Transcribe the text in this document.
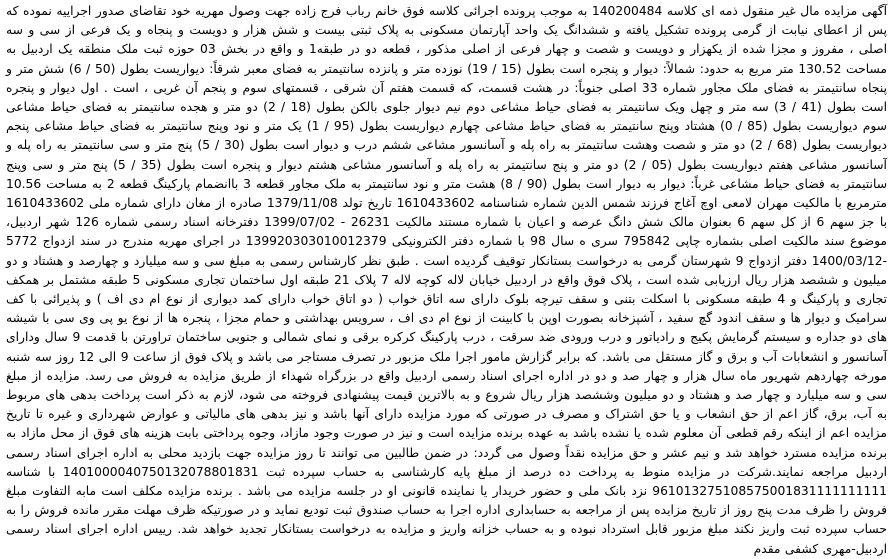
آگهی مزایده مال غیر منقول ذمه ای کلاسه 140200484 به موجب پرونده اجرائی کلاسه فوق خانم رباب فرج زاده جهت وصول مهریه خود تقاضای صدور اجراییه نموده که پس از اعطای نیابت از گرمی پرونده تشکیل یافته و ششدانگ یک واحد آپارتمان مسکونی به پلاک ثبتی بیست و شش هزار و دویست و پنجاه و یک فرعی از سی و سه اصلی ، مفروز و مجزا شده از یکهزار و دویست و شصت و چهار فرعی از اصلی مذکور ، قطعه دو در طبقه1 و واقع در بخش 03 حوزه ثبت ملک منطقه یک اردبیل به مساحت 130.52 متر مربع به حدود: شمالاً: دیوار و پنجره است بطول (15 / 19) نوزده متر و پانزده سانتیمتر به فضای معبر شرقاً: دیواریست بطول (50 / 6) شش متر و پنجاه سانتیمتر به فضای ملک مجاور شماره 33 اصلی جنوباً: در هشت قسمت، که قسمت هفتم آن شرقی ، قسمتهای سوم و پنجم آن غربی ، است . اول دیوار و پنجره است بطول (41 / 3) سه متر و چهل ویک سانتیمتر به فضای حیاط مشاعی دوم نیم دیوار جلوی بالکن بطول (18 / 2) دو متر و هجده سانتیمتر به فضای حیاط مشاعی سوم دیواریست بطول (85 / 0) هشتاد وپنج سانتیمتر به فضای حیاط مشاعی چهارم دیواریست بطول (95 / 1) یک متر و نود وپنج سانتیمتر به فضای حیاط مشاعی پنجم دیواریست بطول (68 / 2) دو متر و شصت وهشت سانتیمتر به راه پله و آسانسور مشاعی ششم درب و دیوار است بطول (30 / 5) پنج متر و سی سانتیمتر به راه پله و آسانسور مشاعی هفتم دیواریست بطول (05 / 2) دو متر و پنج سانتیمتر به راه پله و آسانسور مشاعی هشتم دیوار و پنجره است بطول (35 / 5) پنج متر و سی وپنج سانتیمتر به فضای حیاط مشاعی غرباً: دیوار به دیوار است بطول (90 / 8) هشت متر و نود سانتیمتر به ملک مجاور قطعه 3 باانضمام پارکینگ قطعه 2 به مساحت 10.56 مترمربع با مالکیت مهران لامعی اوچ آغاج فرزند شمس الدین شماره شناسنامه 1610433602 تاریخ تولد 1379/11/08 صادره از مغان دارای شماره ملی 1610433602 با جز سهم 6 از کل سهم 6 بعنوان مالک شش دانگ عرصه و اعیان با شماره مستند مالکیت 26231 - 1399/07/02 دفترخانه اسناد رسمی شماره 126 شهر اردبیل، موضوع سند مالکیت اصلی بشماره چاپی 795842 سری ه سال 98 با شماره دفتر الکترونیکی 139920303010012379 در اجرای مهریه مندرج در سند ازدواج 5772 -1400/03/12 دفتر ازدواج 9 شهرستان گرمی به درخواست بستانکار توقیف گردیده است . طبق نظر کارشناس رسمی به مبلغ سی و سه میلیارد و چهارصد و هشتاد و دو میلیون و ششصد هزار ریال ارزیابی شده است ، پلاک فوق واقع در اردبیل خیابان لاله کوچه لاله 7 پلاک 21 طبقه اول ساختمان تجاری مسکونی 5 طبقه مشتمل بر همکف تجاری و پارکینگ و 4 طبقه مسکونی با اسکلت بتنی و سقف تیرچه بلوک دارای سه اتاق خواب ( دو اتاق خواب دارای کمد دیواری از نوع ام دی اف ) و پذیرائی با کف سرامیک و دیوار ها و سقف اندود گچ سفید ، آشپزخانه بصورت اوپن با کابینت از نوع ام دی اف ، سرویس بهداشتی و حمام مجزا ، پنجره ها از نوع یو پی وی سی با شیشه های دو جداره و سیستم گرمایش پکیج و رادیاتور و درب ورودی ضد سرقت ، درب پارکینگ کرکره برقی و نمای شمالی و جنوبی ساختمان تراورتن با قدمت 9 سال ودارای آسانسور و انشعابات آب و برق و گاز مستقل می باشد. که برابر گزارش مامور اجرا ملک مزبور در تصرف مستاجر می باشد و پلاک فوق از ساعت 9 الی 12 روز سه شنبه مورخه چهاردهم شهریور ماه سال هزار و چهار صد و دو در اداره اجرای اسناد رسمی اردبیل واقع در بزرگراه شهداء از طریق مزایده به فروش می رسد. مزایده از مبلغ سی و سه میلیارد و چهار صد و هشتاد و دو میلیون وششصد هزار ریال شروع و به بالاترین قیمت پیشنهادی فروخته می شود، لازم به ذکر است پرداخت بدهی های مربوط به آب، برق، گاز اعم از حق انشعاب و یا حق اشتراک و مصرف در صورتی که مورد مزایده دارای آنها باشد و نیز بدهی های مالیاتی و عوارض شهرداری و غیره تا تاریخ مزایده اعم از اینکه رقم قطعی آن معلوم شده یا نشده باشد به عهده برنده مزایده است و نیز در صورت وجود مازاد، وجوه پرداختی بابت هزینه های فوق از محل مازاد به برنده مزایده مسترد خواهد شد و نیم عشر و حق مزایده نقداً وصول می گردد: در ضمن طالبین می توانند تا روز مزایده جهت بازدید محلی به اداره اجرای اسناد رسمی اردبیل مراجعه نمایند.شرکت در مزایده منوط به پرداخت ده درصد از مبلغ پایه کارشناسی به حساب سپرده ثبت 1401000040750132078801831 با شناسه 961013275108575001831111111111 نزد بانک ملی و حضور خریدار یا نماینده قانونی او در جلسه مزایده می باشد . برنده مزایده مکلف است مابه التفاوت مبلغ فروش را ظرف مدت پنج روز از تاریخ مزایده پس از مراجعه به حسابداری اداره اجرا به حساب صندوق ثبت تودیع نماید و در صورتیکه ظرف مهلت مقرر مانده فروش را به حساب سپرده ثبت واریز نکند مبلغ مزبور قابل استرداد نبوده و به حساب خزانه واریز و مزایده به درخواست بستانکار تجدید خواهد شد. رییس اداره اجرای اسناد رسمی اردبیل-مهری کشفی مقدم
